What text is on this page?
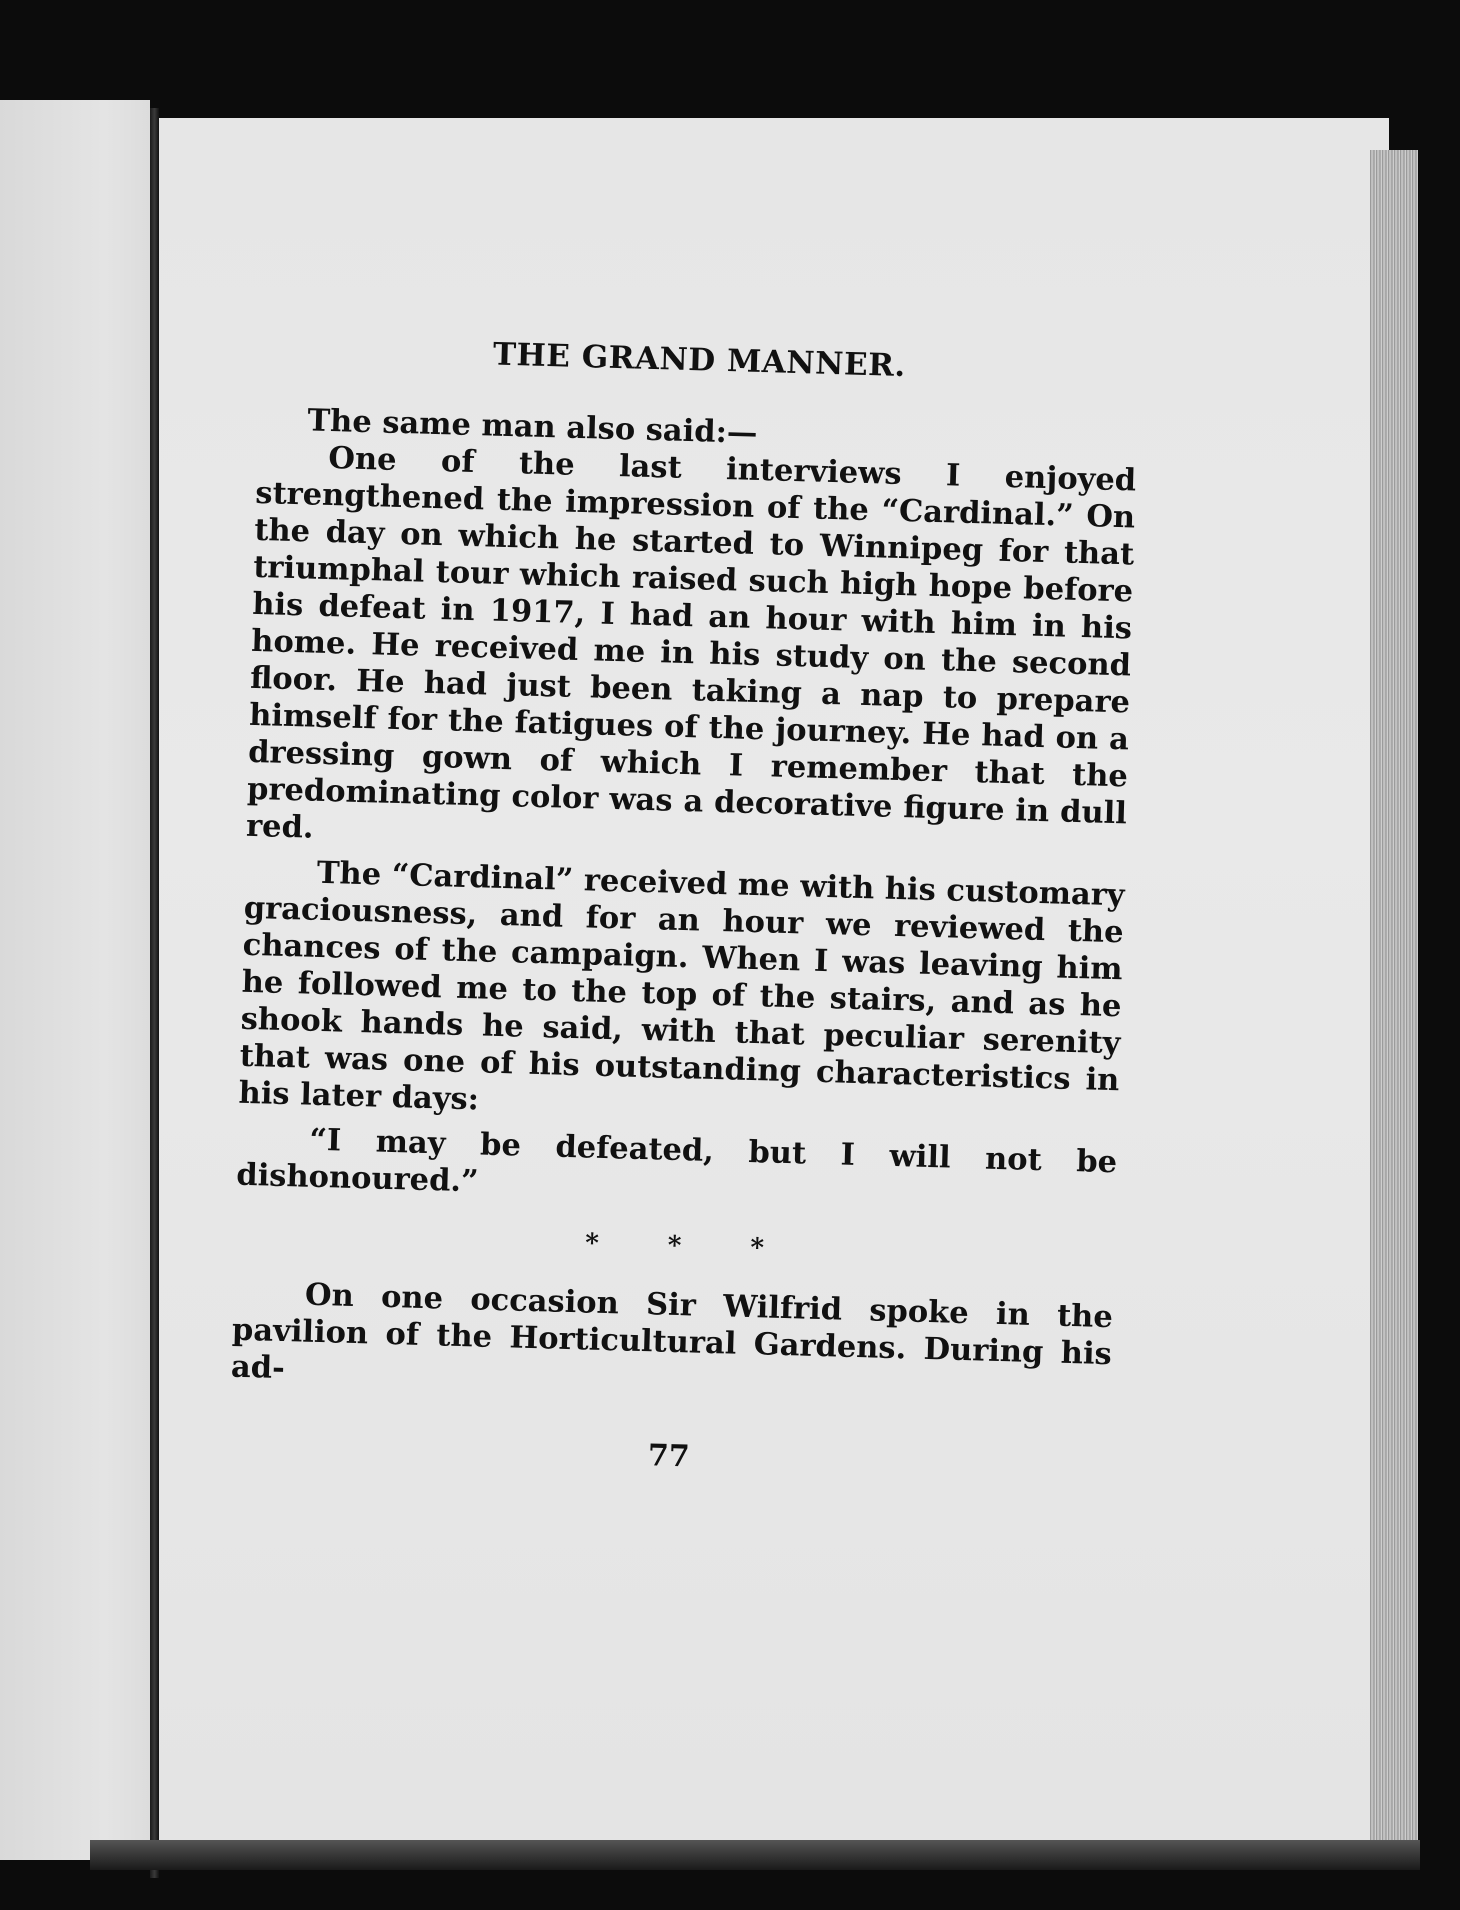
THE GRAND MANNER.

The same man also said:—

One of the last interviews I enjoyed strengthened the impression of the “Cardinal.” On the day on which he started to Winnipeg for that triumphal tour which raised such high hope before his defeat in 1917, I had an hour with him in his home. He received me in his study on the second floor. He had just been taking a nap to prepare himself for the fatigues of the journey. He had on a dressing gown of which I remember that the predominating color was a decorative figure in dull red.

The “Cardinal” received me with his customary graciousness, and for an hour we reviewed the chances of the campaign. When I was leaving him he followed me to the top of the stairs, and as he shook hands he said, with that peculiar serenity that was one of his outstanding characteristics in his later days:

“I may be defeated, but I will not be dishonoured.”

* * *

On one occasion Sir Wilfrid spoke in the pavilion of the Horticultural Gardens. During his ad-

77
